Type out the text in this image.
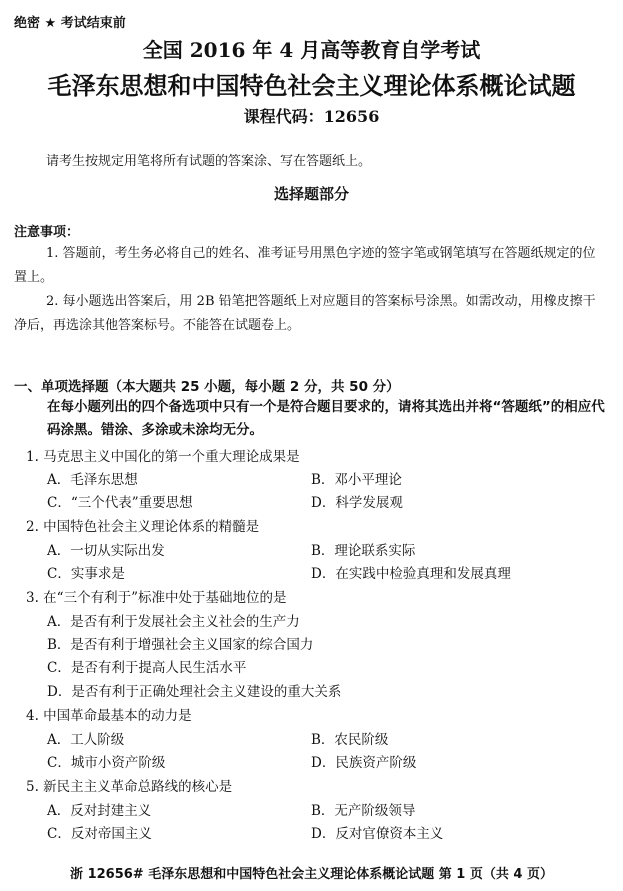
绝密 ★ 考试结束前
全国 2016 年 4 月高等教育自学考试
毛泽东思想和中国特色社会主义理论体系概论试题
课程代码：12656
请考生按规定用笔将所有试题的答案涂、写在答题纸上。
选择题部分
注意事项：
1. 答题前，考生务必将自己的姓名、准考证号用黑色字迹的签字笔或钢笔填写在答题纸规定的位置上。
2. 每小题选出答案后，用 2B 铅笔把答题纸上对应题目的答案标号涂黑。如需改动，用橡皮擦干净后，再选涂其他答案标号。不能答在试题卷上。
一、单项选择题（本大题共 25 小题，每小题 2 分，共 50 分）
在每小题列出的四个备选项中只有一个是符合题目要求的，请将其选出并将“答题纸”的相应代码涂黑。错涂、多涂或未涂均无分。
1. 马克思主义中国化的第一个重大理论成果是
A．毛泽东思想	B．邓小平理论
C．“三个代表”重要思想	D．科学发展观
2. 中国特色社会主义理论体系的精髓是
A．一切从实际出发	B．理论联系实际
C．实事求是	D．在实践中检验真理和发展真理
3. 在“三个有利于”标准中处于基础地位的是
A．是否有利于发展社会主义社会的生产力
B．是否有利于增强社会主义国家的综合国力
C．是否有利于提高人民生活水平
D．是否有利于正确处理社会主义建设的重大关系
4. 中国革命最基本的动力是
A．工人阶级	B．农民阶级
C．城市小资产阶级	D．民族资产阶级
5. 新民主主义革命总路线的核心是
A．反对封建主义	B．无产阶级领导
C．反对帝国主义	D．反对官僚资本主义
浙 12656# 毛泽东思想和中国特色社会主义理论体系概论试题 第 1 页（共 4 页）
